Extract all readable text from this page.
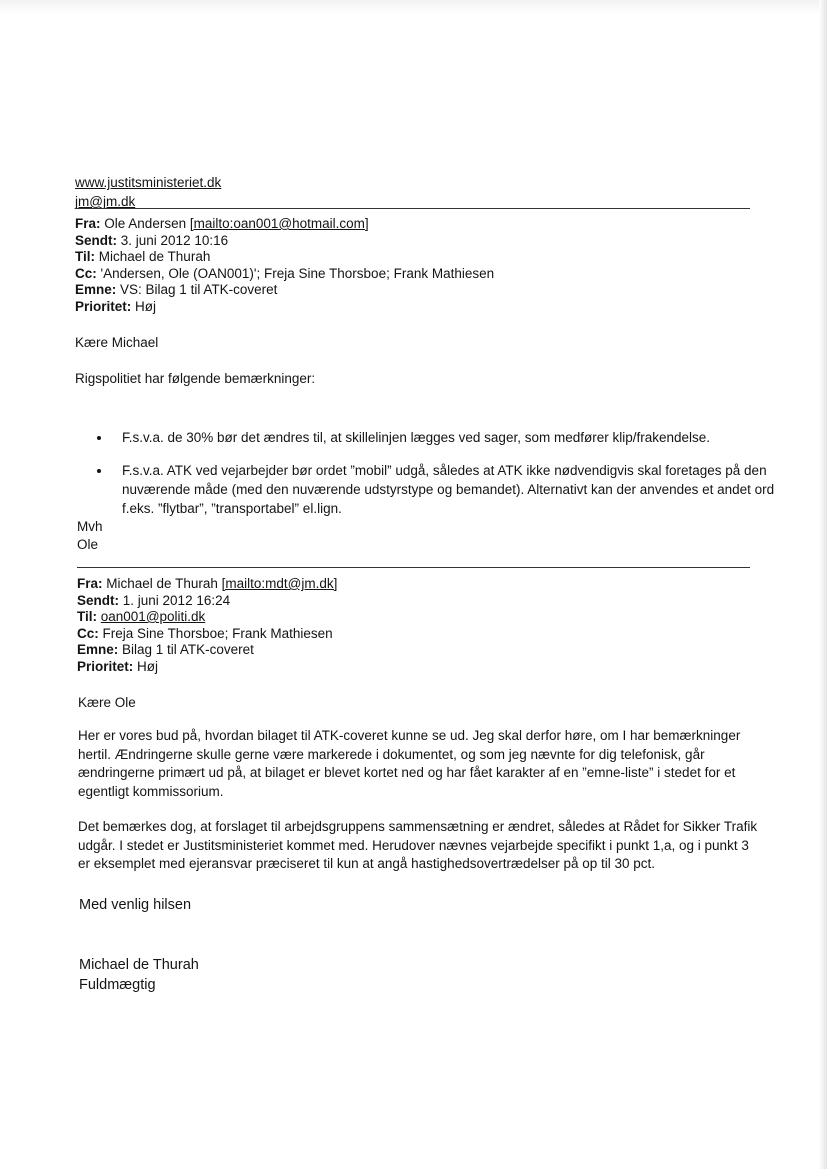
www.justitsministeriet.dk
jm@jm.dk
Fra: Ole Andersen [mailto:oan001@hotmail.com]
Sendt: 3. juni 2012 10:16
Til: Michael de Thurah
Cc: 'Andersen, Ole (OAN001)'; Freja Sine Thorsboe; Frank Mathiesen
Emne: VS: Bilag 1 til ATK-coveret
Prioritet: Høj
Kære Michael
Rigspolitiet har følgende bemærkninger:
• F.s.v.a. de 30% bør det ændres til, at skillelinjen lægges ved sager, som medfører klip/frakendelse.
• F.s.v.a. ATK ved vejarbejder bør ordet ”mobil” udgå, således at ATK ikke nødvendigvis skal foretages på den nuværende måde (med den nuværende udstyrstype og bemandet). Alternativt kan der anvendes et andet ord f.eks. ”flytbar”, ”transportabel” el.lign.
Mvh
Ole
Fra: Michael de Thurah [mailto:mdt@jm.dk]
Sendt: 1. juni 2012 16:24
Til: oan001@politi.dk
Cc: Freja Sine Thorsboe; Frank Mathiesen
Emne: Bilag 1 til ATK-coveret
Prioritet: Høj
Kære Ole

Her er vores bud på, hvordan bilaget til ATK-coveret kunne se ud. Jeg skal derfor høre, om I har bemærkninger hertil. Ændringerne skulle gerne være markerede i dokumentet, og som jeg nævnte for dig telefonisk, går ændringerne primært ud på, at bilaget er blevet kortet ned og har fået karakter af en ”emne-liste” i stedet for et egentligt kommissorium.

Det bemærkes dog, at forslaget til arbejdsgruppens sammensætning er ændret, således at Rådet for Sikker Trafik udgår. I stedet er Justitsministeriet kommet med. Herudover nævnes vejarbejde specifikt i punkt 1,a, og i punkt 3 er eksemplet med ejeransvar præciseret til kun at angå hastighedsovertrædelser på op til 30 pct.

Med venlig hilsen
Michael de Thurah
Fuldmægtig
